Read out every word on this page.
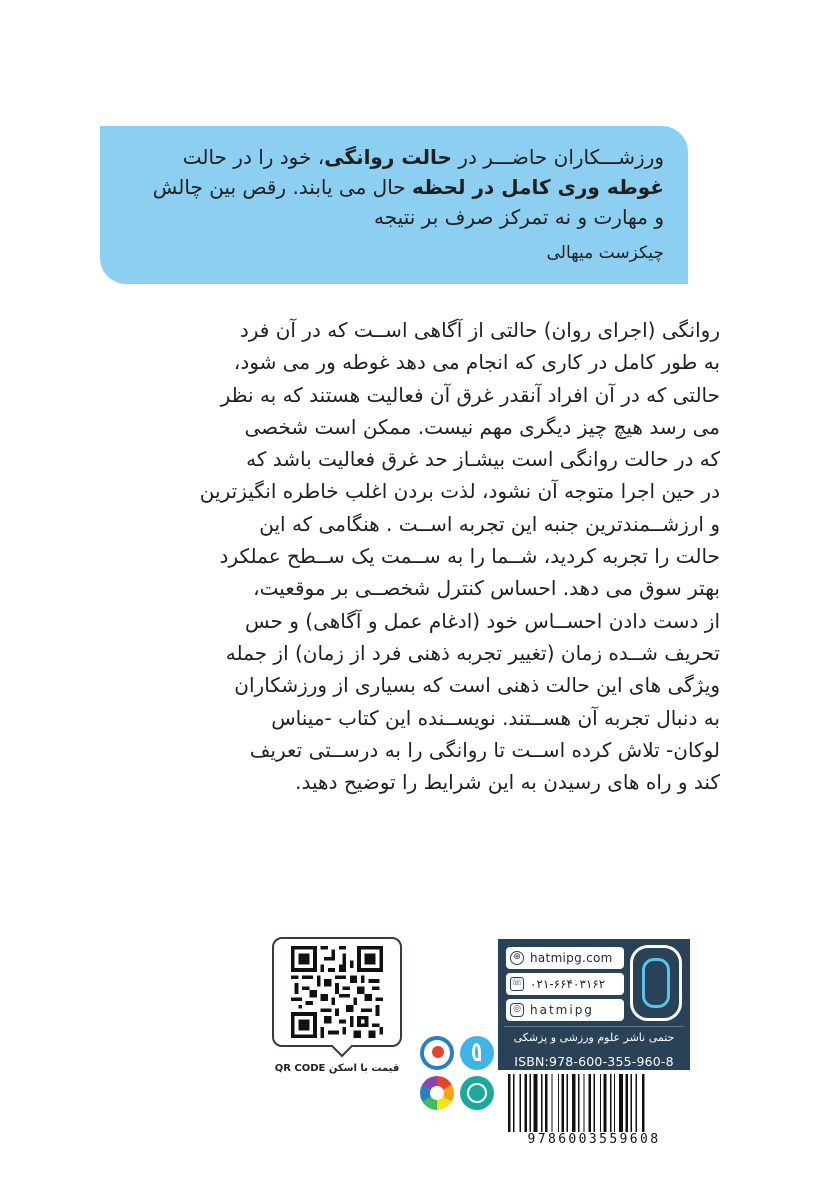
ورزشـــکاران حاضـــر در حالت روانگی، خود را در حالت

غوطه وری کامل در لحظه حال می یابند. رقص بین چالش

و مهارت و نه تمرکز صرف بر نتیجه

چیکزست میهالی

روانگی (اجرای روان) حالتی از آگاهی اســت که در آن فرد

به طور کامل در کاری که انجام می دهد غوطه ور می شود،

حالتی که در آن افراد آنقدر غرق آن فعالیت هستند که به نظر

می رسد هیچ چیز دیگری مهم نیست. ممکن است شخصی

که در حالت روانگی است بیشـاز حد غرق فعالیت باشد که

در حین اجرا متوجه آن نشود، لذت بردن اغلب خاطره انگیزترین

و ارزشــمندترین جنبه این تجربه اســت . هنگامی که این

حالت را تجربه کردید، شــما را به ســمت یک ســطح عملکرد

بهتر سوق می دهد. احساس کنترل شخصــی بر موقعیت،

از دست دادن احســاس خود (ادغام عمل و آگاهی) و حس

تحریف شــده زمان (تغییر تجربه ذهنی فرد از زمان) از جمله

ویژگی های این حالت ذهنی است که بسیاری از ورزشکاران

به دنبال تجربه آن هســتند. نویســنده این کتاب -میناس

لوکان- تلاش کرده اســت تا روانگی را به درســتی تعریف

کند و راه های رسیدن به این شرایط را توضیح دهید.

قیمت با اسکن QR CODE
⊕ hatmipg.com
☏ ۰۲۱-۶۶۴۰۳۱۶۲
◎ hatmipg
حتمی ناشر علوم ورزشی و پزشکی
ISBN:978-600-355-960-8
9786003559608
